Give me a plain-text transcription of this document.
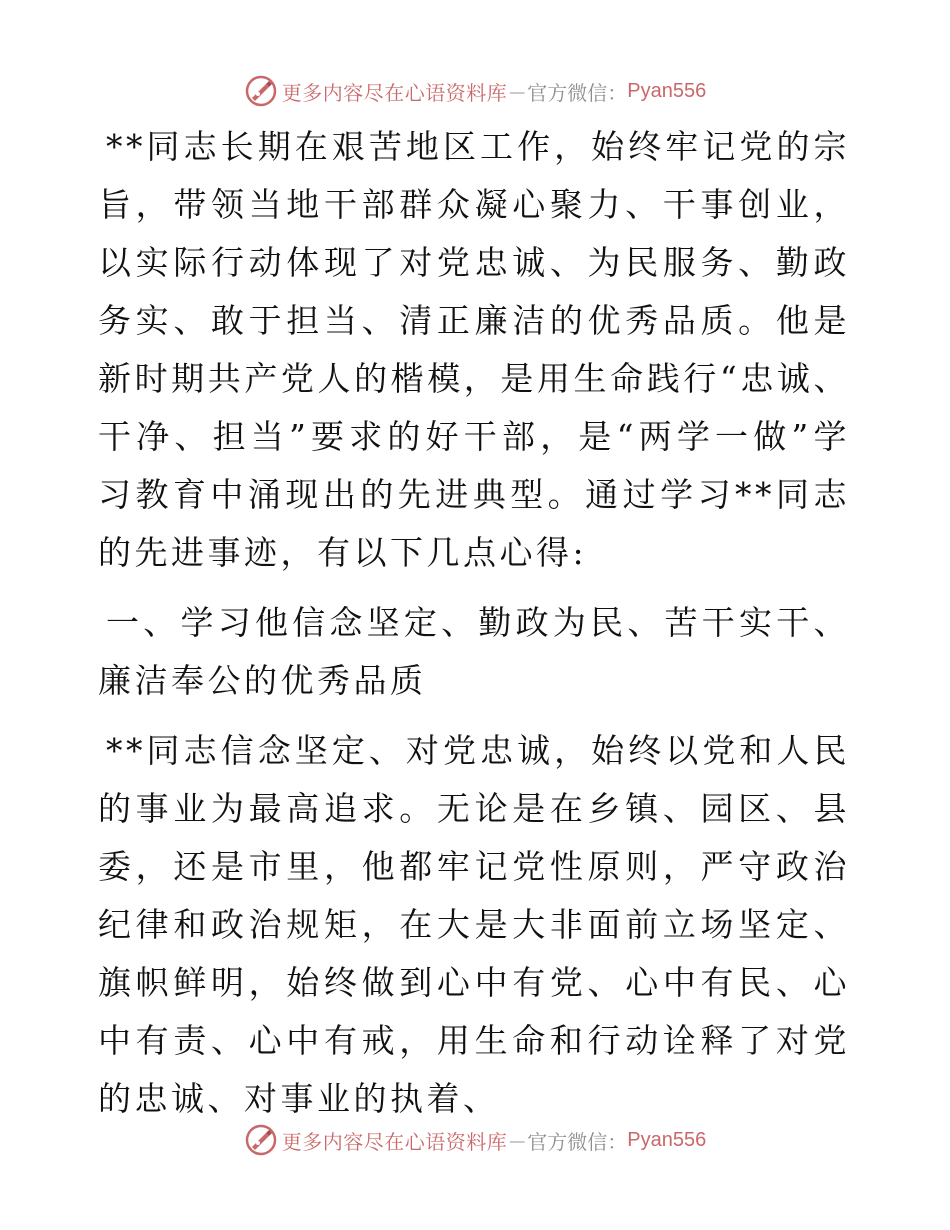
更多内容尽在心语资料库 — 官方微信： Pyan556

**同志长期在艰苦地区工作，始终牢记党的宗旨，带领当地干部群众凝心聚力、干事创业，以实际行动体现了对党忠诚、为民服务、勤政务实、敢于担当、清正廉洁的优秀品质。他是新时期共产党人的楷模，是用生命践行“忠诚、干净、担当”要求的好干部，是“两学一做”学习教育中涌现出的先进典型。通过学习**同志的先进事迹，有以下几点心得:

一、学习他信念坚定、勤政为民、苦干实干、廉洁奉公的优秀品质

**同志信念坚定、对党忠诚，始终以党和人民的事业为最高追求。无论是在乡镇、园区、县委，还是市里，他都牢记党性原则，严守政治纪律和政治规矩，在大是大非面前立场坚定、旗帜鲜明，始终做到心中有党、心中有民、心中有责、心中有戒，用生命和行动诠释了对党的忠诚、对事业的执着、

更多内容尽在心语资料库 — 官方微信： Pyan556
